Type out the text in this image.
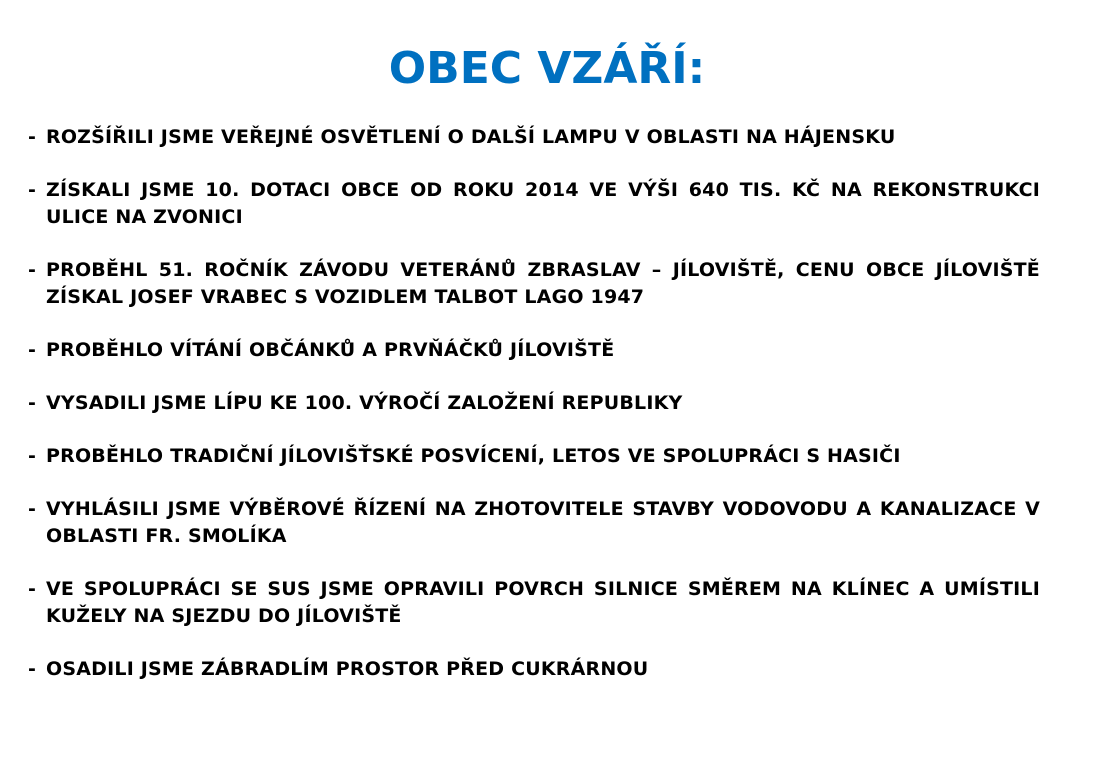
OBEC VZÁŘÍ:
- ROZŠÍŘILI JSME VEŘEJNÉ OSVĚTLENÍ O DALŠÍ LAMPU V OBLASTI NA HÁJENSKU
- ZÍSKALI JSME 10. DOTACI OBCE OD ROKU 2014 VE VÝŠI 640 TIS. KČ NA REKONSTRUKCI ULICE NA ZVONICI
- PROBĚHL 51. ROČNÍK ZÁVODU VETERÁNŮ ZBRASLAV – JÍLOVIŠTĚ, CENU OBCE JÍLOVIŠTĚ ZÍSKAL JOSEF VRABEC S VOZIDLEM TALBOT LAGO 1947
- PROBĚHLO VÍTÁNÍ OBČÁNKŮ A PRVŇÁČKŮ JÍLOVIŠTĚ
- VYSADILI JSME LÍPU KE 100. VÝROČÍ ZALOŽENÍ REPUBLIKY
- PROBĚHLO TRADIČNÍ JÍLOVIŠŤSKÉ POSVÍCENÍ, LETOS VE SPOLUPRÁCI S HASIČI
- VYHLÁSILI JSME VÝBĚROVÉ ŘÍZENÍ NA ZHOTOVITELE STAVBY VODOVODU A KANALIZACE V OBLASTI FR. SMOLÍKA
- VE SPOLUPRÁCI SE SUS JSME OPRAVILI POVRCH SILNICE SMĚREM NA KLÍNEC A UMÍSTILI KUŽELY NA SJEZDU DO JÍLOVIŠTĚ
- OSADILI JSME ZÁBRADLÍM PROSTOR PŘED CUKRÁRNOU
